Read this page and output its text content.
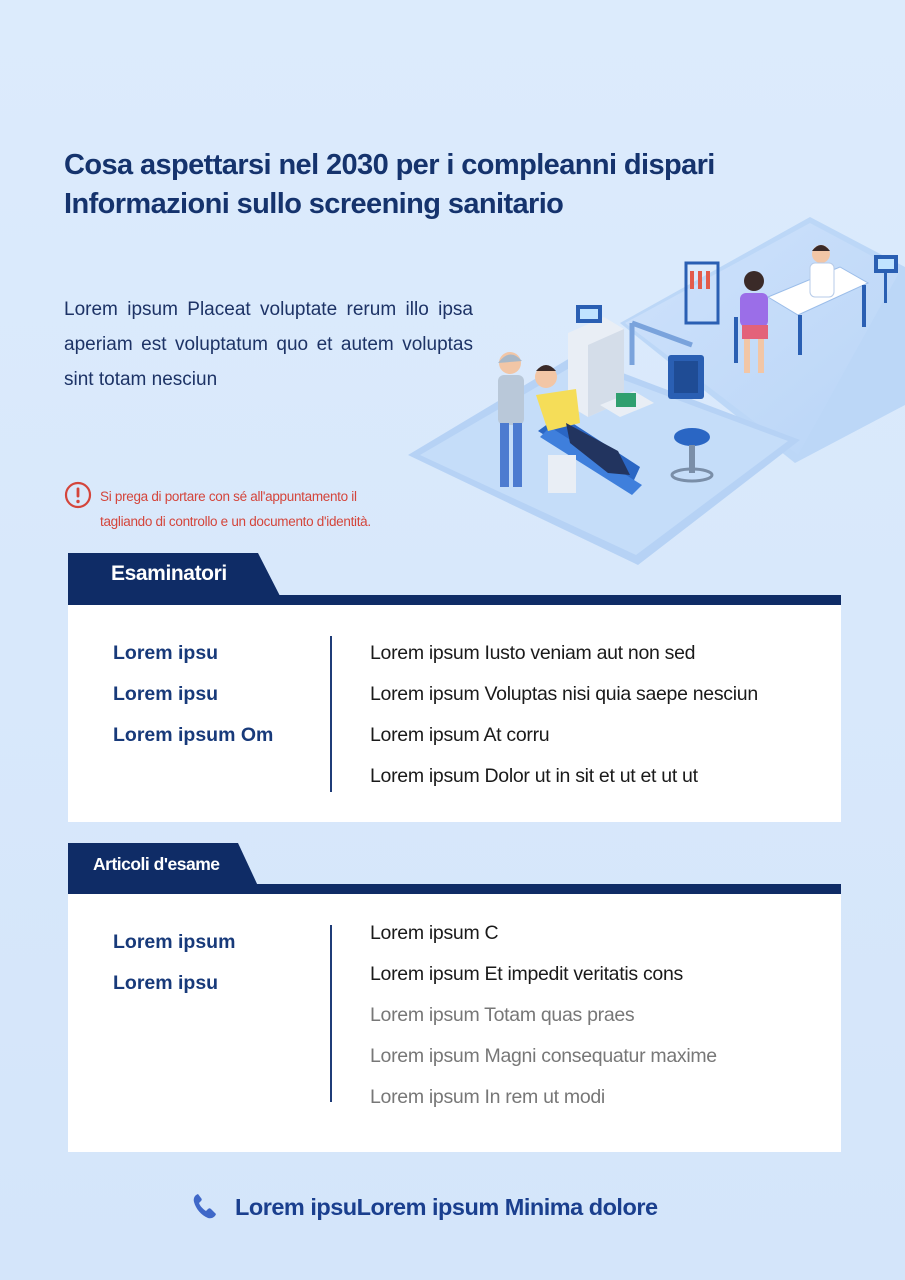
Cosa aspettarsi nel 2030 per i compleanni dispari
Informazioni sullo screening sanitario

Lorem ipsum Placeat voluptate rerum illo ipsa aperiam est voluptatum quo et autem voluptas sint totam nesciun

Si prega di portare con sé all'appuntamento il
tagliando di controllo e un documento d'identità.
Esaminatori
Lorem ipsu
Lorem ipsu
Lorem ipsum Om
Lorem ipsum Iusto veniam aut non sed
Lorem ipsum Voluptas nisi quia saepe nesciun
Lorem ipsum At corru
Lorem ipsum Dolor ut in sit et ut et ut ut
Articoli d'esame
Lorem ipsum
Lorem ipsu
Lorem ipsum C
Lorem ipsum Et impedit veritatis cons
Lorem ipsum Totam quas praes
Lorem ipsum Magni consequatur maxime
Lorem ipsum In rem ut modi
Lorem ipsuLorem ipsum Minima dolore
